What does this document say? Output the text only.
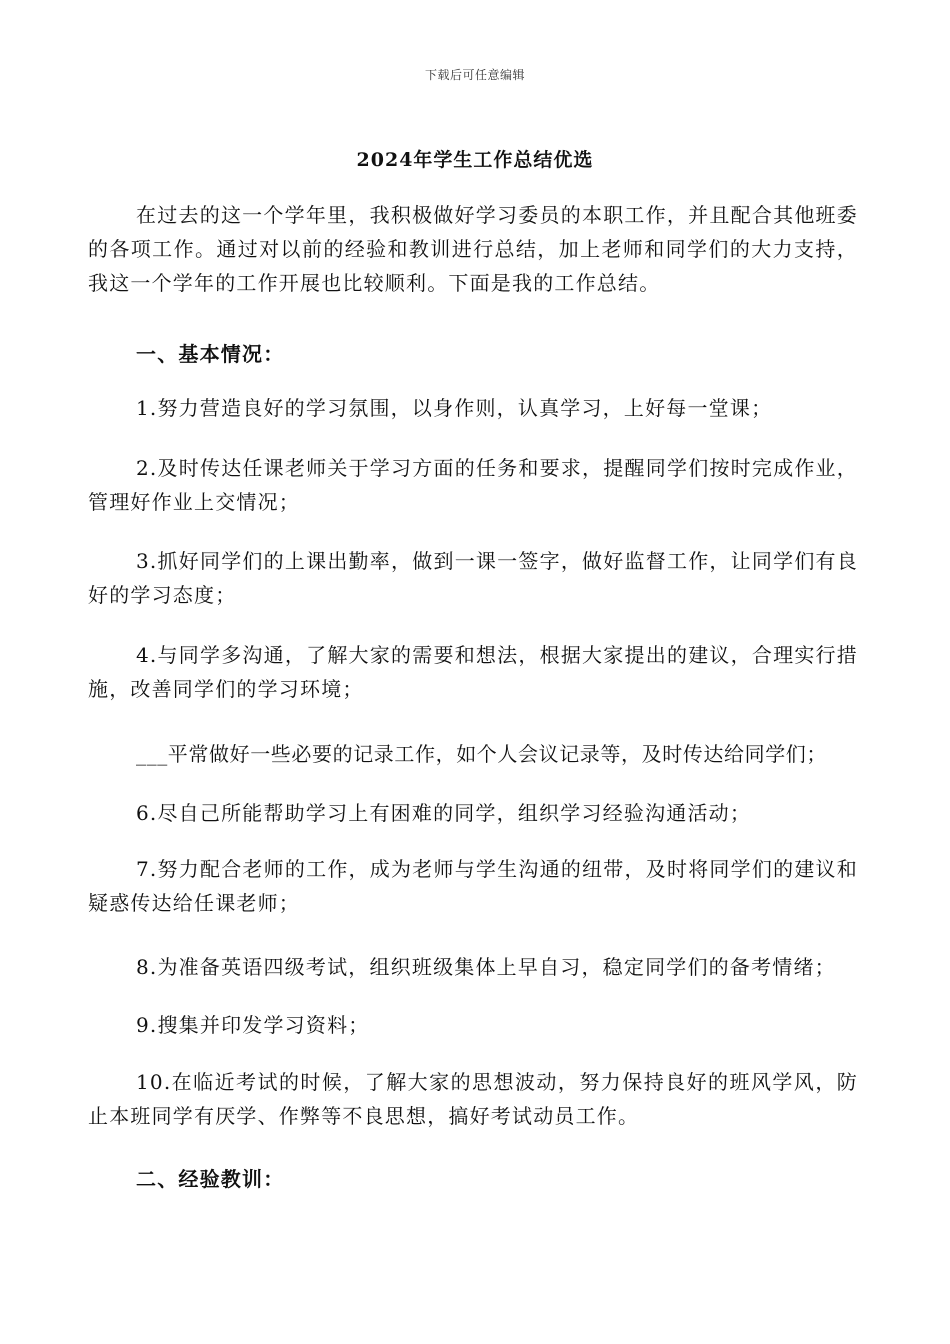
下载后可任意编辑
2024年学生工作总结优选

在过去的这一个学年里，我积极做好学习委员的本职工作，并且配合其他班委的各项工作。通过对以前的经验和教训进行总结，加上老师和同学们的大力支持，我这一个学年的工作开展也比较顺利。下面是我的工作总结。

一、基本情况：

1.努力营造良好的学习氛围，以身作则，认真学习，上好每一堂课；

2.及时传达任课老师关于学习方面的任务和要求，提醒同学们按时完成作业，管理好作业上交情况；

3.抓好同学们的上课出勤率，做到一课一签字，做好监督工作，让同学们有良好的学习态度；

4.与同学多沟通，了解大家的需要和想法，根据大家提出的建议，合理实行措施，改善同学们的学习环境；

___平常做好一些必要的记录工作，如个人会议记录等，及时传达给同学们；

6.尽自己所能帮助学习上有困难的同学，组织学习经验沟通活动；

7.努力配合老师的工作，成为老师与学生沟通的纽带，及时将同学们的建议和疑惑传达给任课老师；

8.为准备英语四级考试，组织班级集体上早自习，稳定同学们的备考情绪；

9.搜集并印发学习资料；

10.在临近考试的时候，了解大家的思想波动，努力保持良好的班风学风，防止本班同学有厌学、作弊等不良思想，搞好考试动员工作。

二、经验教训：
